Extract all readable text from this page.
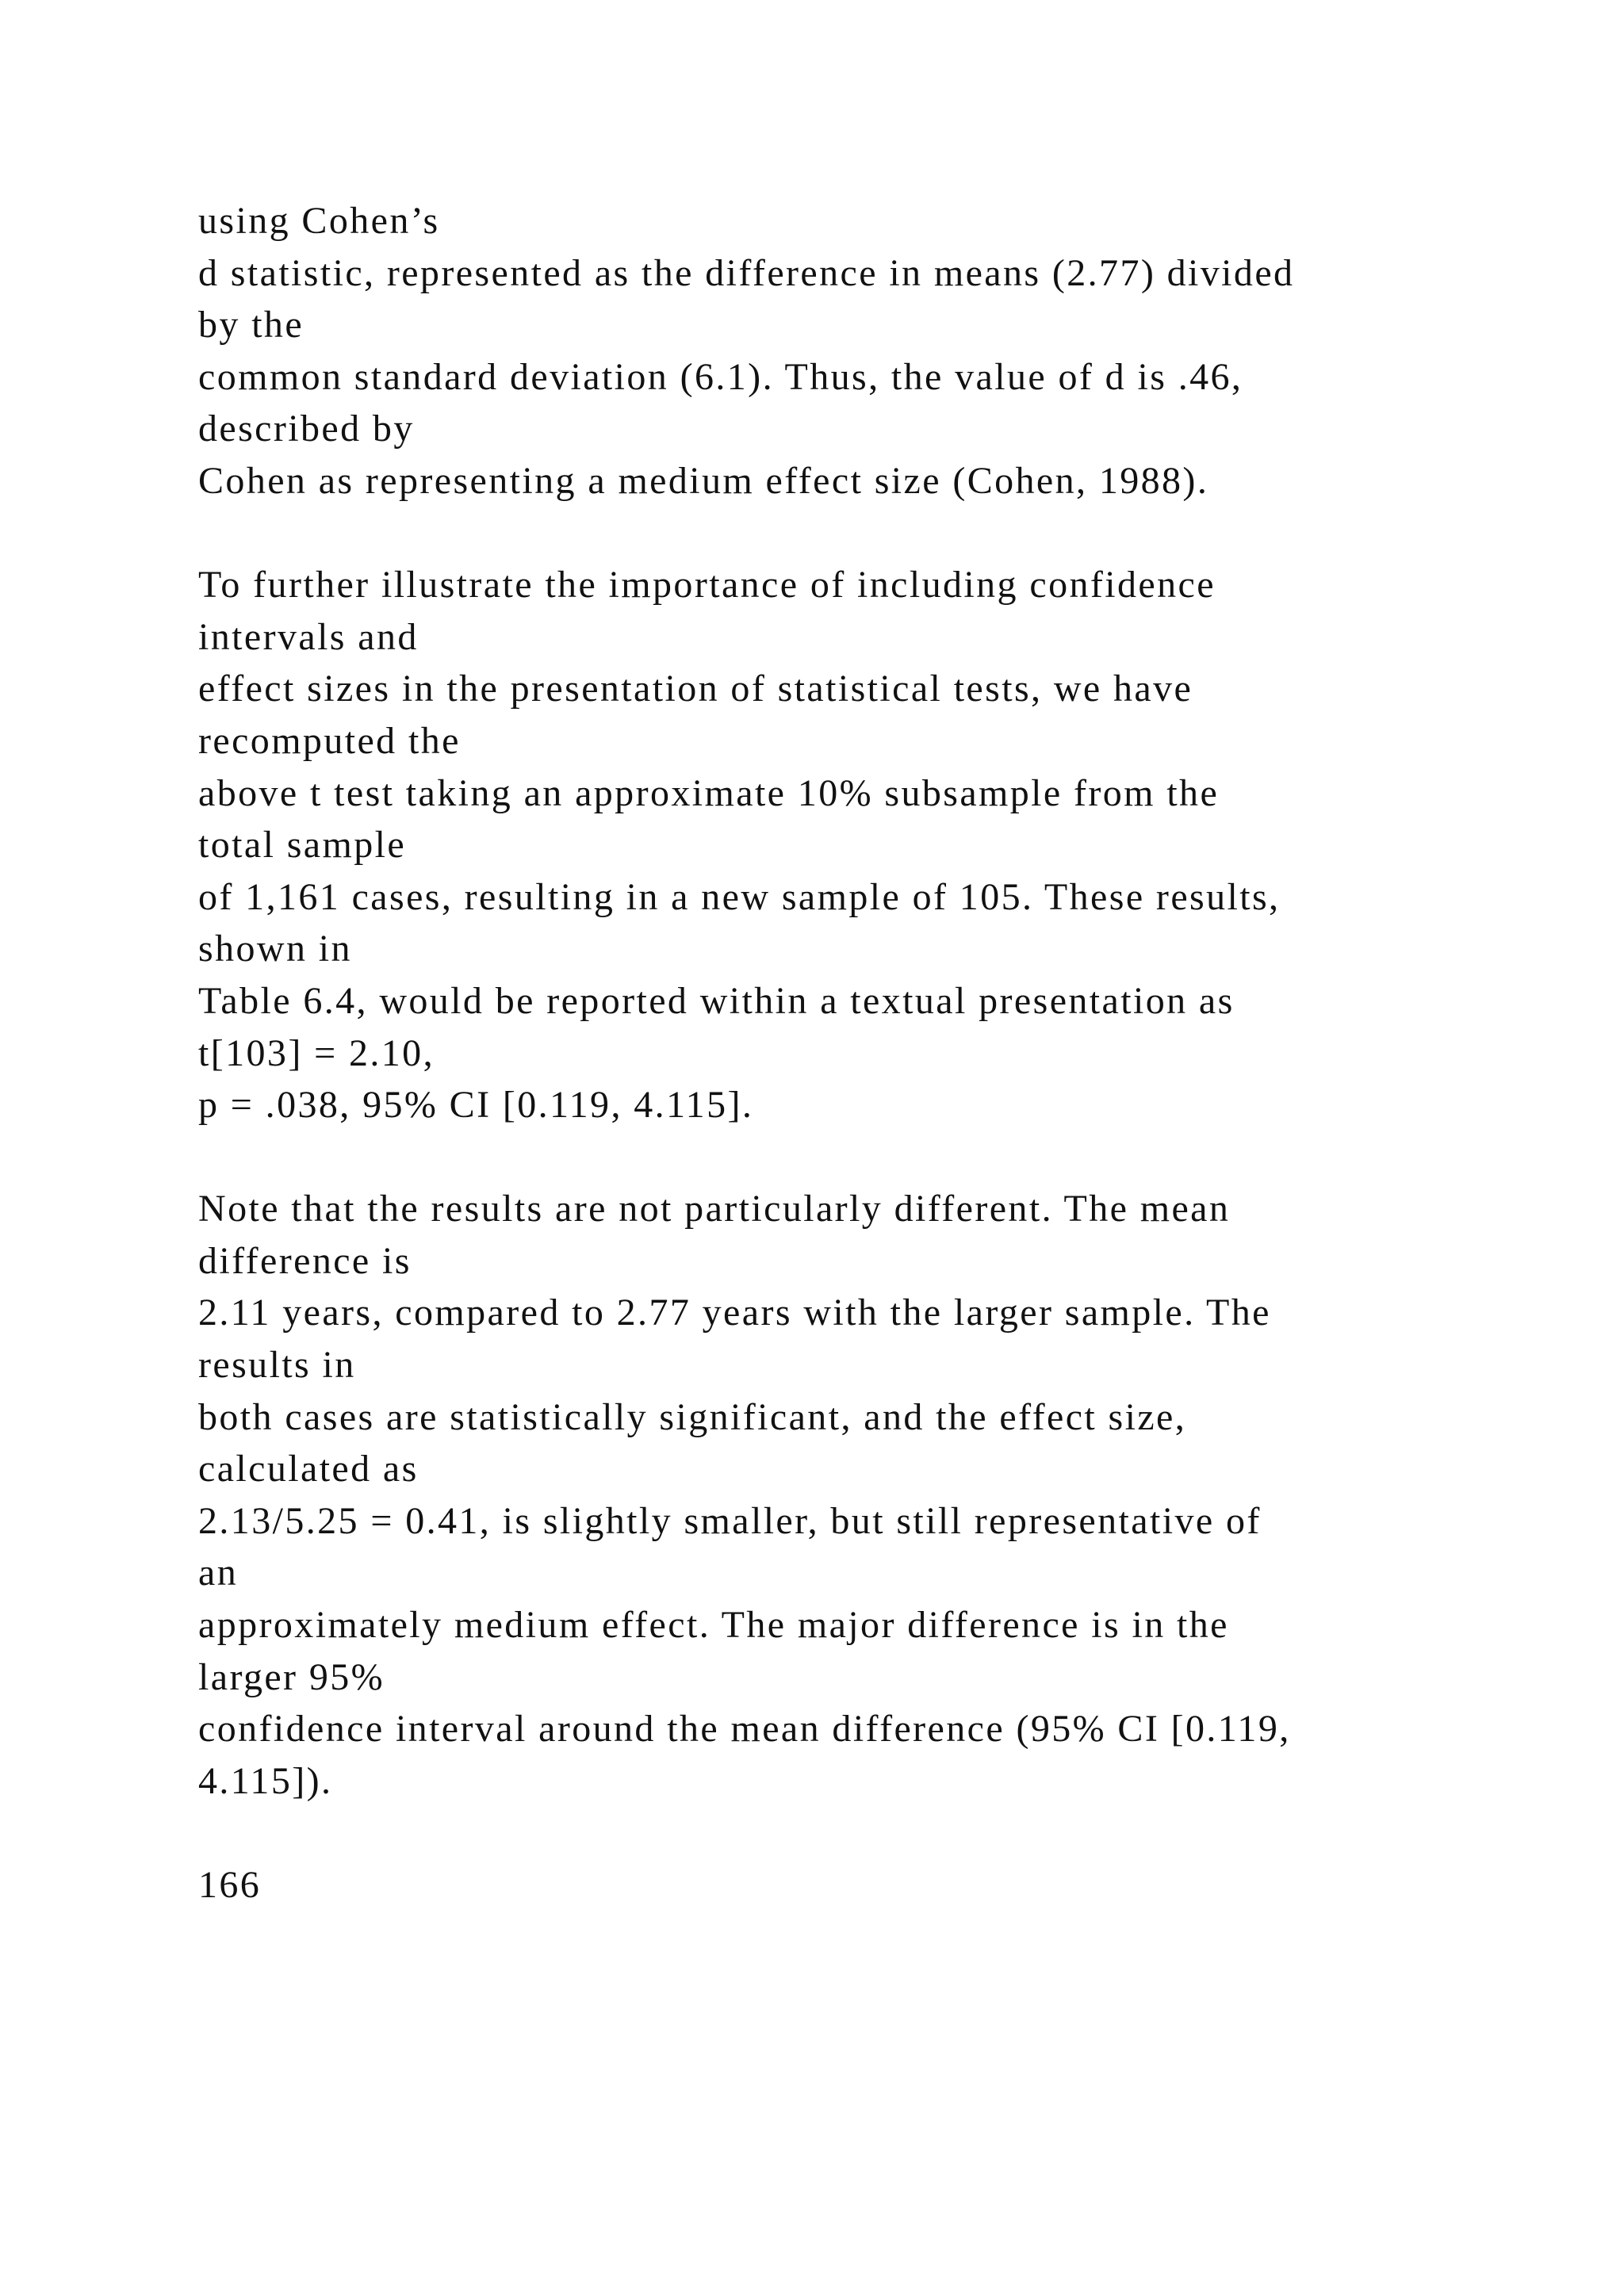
using Cohen’s
d statistic, represented as the difference in means (2.77) divided
by the
common standard deviation (6.1). Thus, the value of d is .46,
described by
Cohen as representing a medium effect size (Cohen, 1988).

To further illustrate the importance of including confidence
intervals and
effect sizes in the presentation of statistical tests, we have
recomputed the
above t test taking an approximate 10% subsample from the
total sample
of 1,161 cases, resulting in a new sample of 105. These results,
shown in
Table 6.4, would be reported within a textual presentation as
t[103] = 2.10,
p = .038, 95% CI [0.119, 4.115].

Note that the results are not particularly different. The mean
difference is
2.11 years, compared to 2.77 years with the larger sample. The
results in
both cases are statistically significant, and the effect size,
calculated as
2.13/5.25 = 0.41, is slightly smaller, but still representative of
an
approximately medium effect. The major difference is in the
larger 95%
confidence interval around the mean difference (95% CI [0.119,
4.115]).

166
